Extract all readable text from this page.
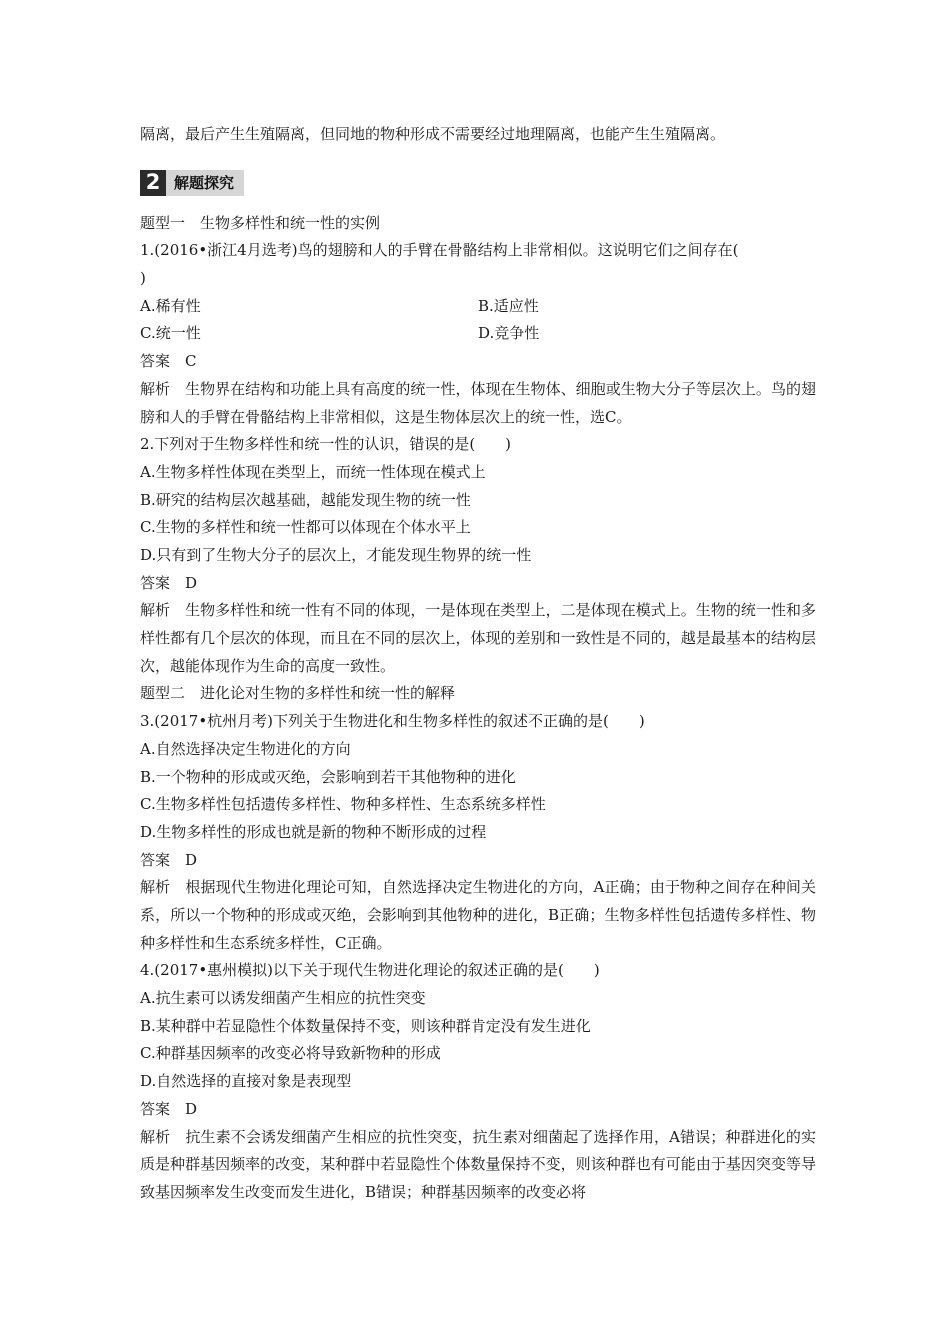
隔离，最后产生生殖隔离，但同地的物种形成不需要经过地理隔离，也能产生生殖隔离。
2 解题探究
题型一　生物多样性和统一性的实例
1.(2016•浙江4月选考)鸟的翅膀和人的手臂在骨骼结构上非常相似。这说明它们之间存在(
)
A.稀有性	B.适应性
C.统一性	D.竞争性
答案　C
解析　生物界在结构和功能上具有高度的统一性，体现在生物体、细胞或生物大分子等层次上。鸟的翅膀和人的手臂在骨骼结构上非常相似，这是生物体层次上的统一性，选C。
2.下列对于生物多样性和统一性的认识，错误的是(　　)
A.生物多样性体现在类型上，而统一性体现在模式上
B.研究的结构层次越基础，越能发现生物的统一性
C.生物的多样性和统一性都可以体现在个体水平上
D.只有到了生物大分子的层次上，才能发现生物界的统一性
答案　D
解析　生物多样性和统一性有不同的体现，一是体现在类型上，二是体现在模式上。生物的统一性和多样性都有几个层次的体现，而且在不同的层次上，体现的差别和一致性是不同的，越是最基本的结构层次，越能体现作为生命的高度一致性。
题型二　进化论对生物的多样性和统一性的解释
3.(2017•杭州月考)下列关于生物进化和生物多样性的叙述不正确的是(　　)
A.自然选择决定生物进化的方向
B.一个物种的形成或灭绝，会影响到若干其他物种的进化
C.生物多样性包括遗传多样性、物种多样性、生态系统多样性
D.生物多样性的形成也就是新的物种不断形成的过程
答案　D
解析　根据现代生物进化理论可知，自然选择决定生物进化的方向，A正确；由于物种之间存在种间关系，所以一个物种的形成或灭绝，会影响到其他物种的进化，B正确；生物多样性包括遗传多样性、物种多样性和生态系统多样性，C正确。
4.(2017•惠州模拟)以下关于现代生物进化理论的叙述正确的是(　　)
A.抗生素可以诱发细菌产生相应的抗性突变
B.某种群中若显隐性个体数量保持不变，则该种群肯定没有发生进化
C.种群基因频率的改变必将导致新物种的形成
D.自然选择的直接对象是表现型
答案　D
解析　抗生素不会诱发细菌产生相应的抗性突变，抗生素对细菌起了选择作用，A错误；种群进化的实质是种群基因频率的改变，某种群中若显隐性个体数量保持不变，则该种群也有可能由于基因突变等导致基因频率发生改变而发生进化，B错误；种群基因频率的改变必将
